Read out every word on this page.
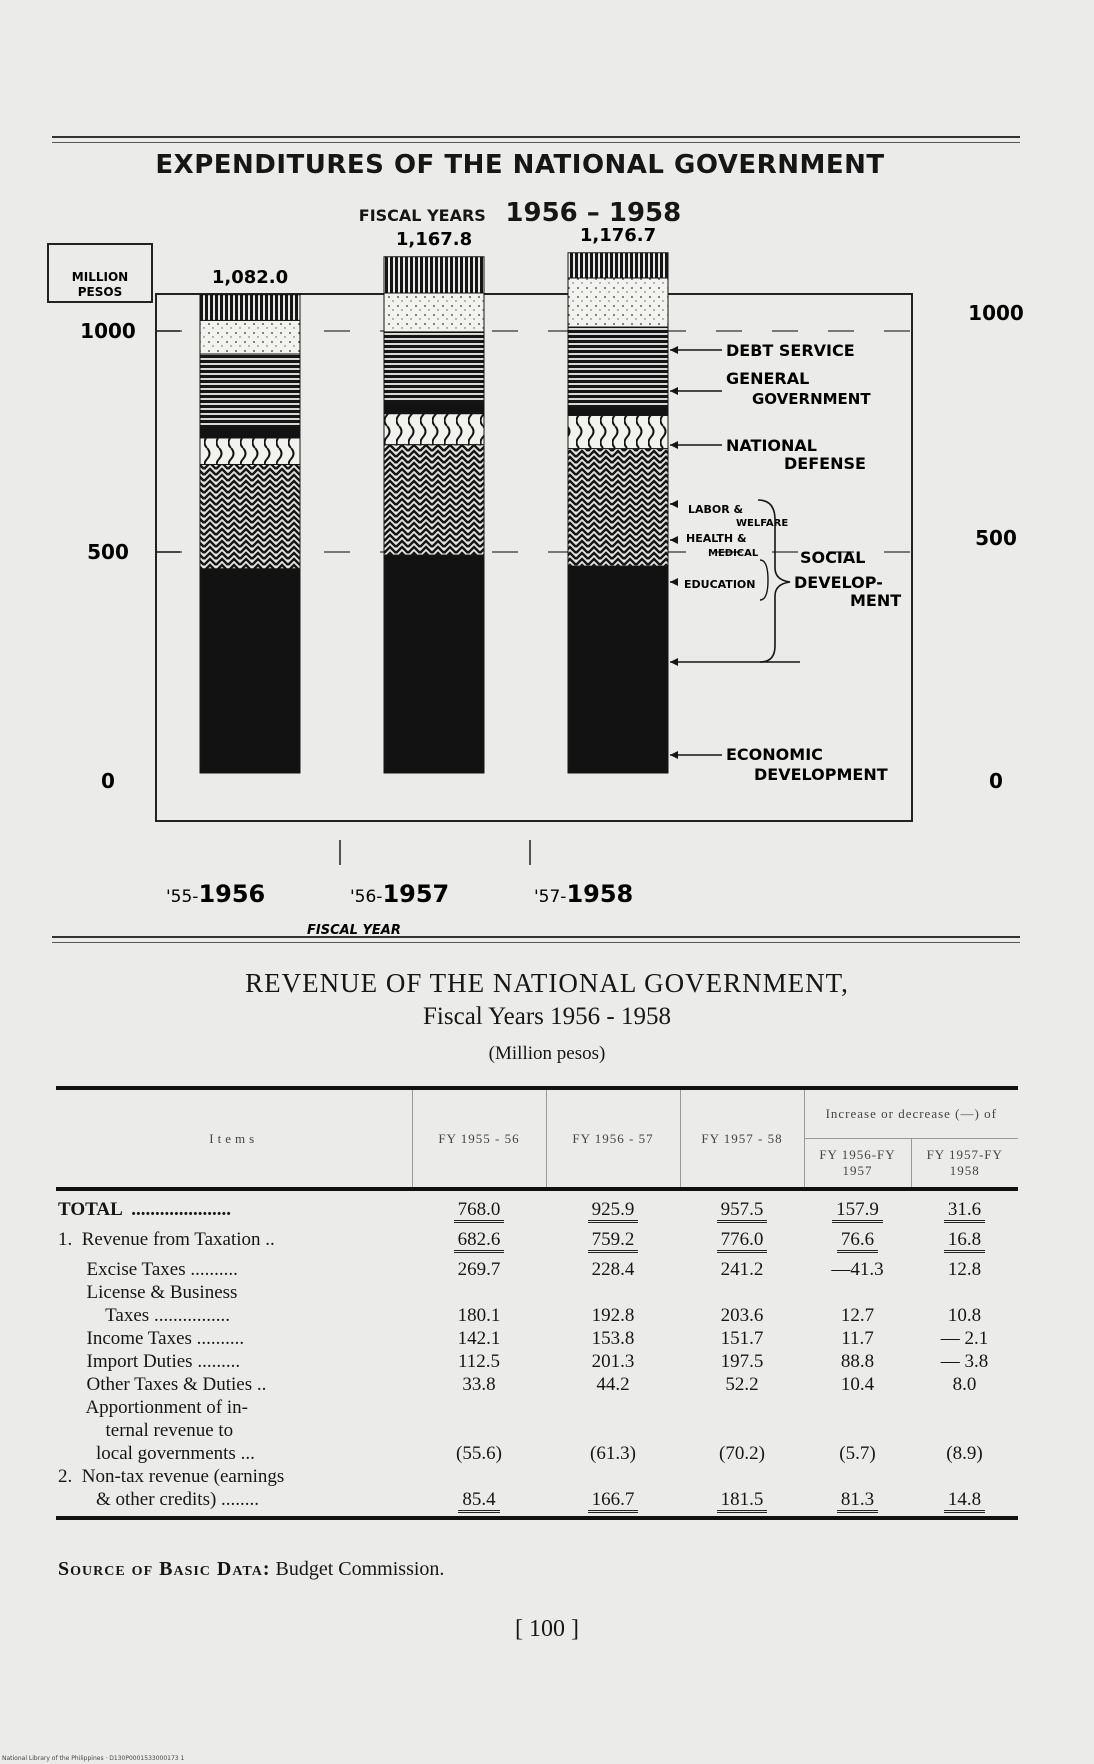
EXPENDITURES OF THE NATIONAL GOVERNMENT
FISCAL YEARS 1956 – 1958
MILLION
PESOS
1,082.0
1,167.8	1,176.7
'55-1956	'56-1957	'57-1958
0	0
500
500
1000
1000
DEBT SERVICE
GENERAL
GOVERNMENT
NATIONAL
DEFENSE
LABOR &
WELFARE
HEALTH &
MEDICAL
EDUCATION
SOCIAL
DEVELOP-
MENT
ECONOMIC
DEVELOPMENT
FISCAL YEAR
REVENUE OF THE NATIONAL GOVERNMENT,
Fiscal Years 1956 - 1958
(Million pesos)
Items	FY 1955 - 56	FY 1956 - 57	FY 1957 - 58	Increase or decrease (—) of	
				FY 1956-FY 1957	FY 1957-FY 1958
TOTAL  .....................	768.0	925.9	957.5	157.9	31.6
1.  Revenue from Taxation ..	682.6	759.2	776.0	76.6	16.8
Excise Taxes ..........	269.7	228.4	241.2	—41.3	12.8
License & Business					
Taxes ................	180.1	192.8	203.6	12.7	10.8
Income Taxes ..........	142.1	153.8	151.7	11.7	— 2.1
Import Duties .........	112.5	201.3	197.5	88.8	— 3.8
Other Taxes & Duties ..	33.8	44.2	52.2	10.4	8.0
Apportionment of in-					
ternal revenue to					
local governments ...	(55.6)	(61.3)	(70.2)	(5.7)	(8.9)
2.  Non-tax revenue (earnings					
& other credits) ........	85.4	166.7	181.5	81.3	14.8
Source of Basic Data: Budget Commission.
[ 100 ]
National Library of the Philippines · D130P0001533000173 1
